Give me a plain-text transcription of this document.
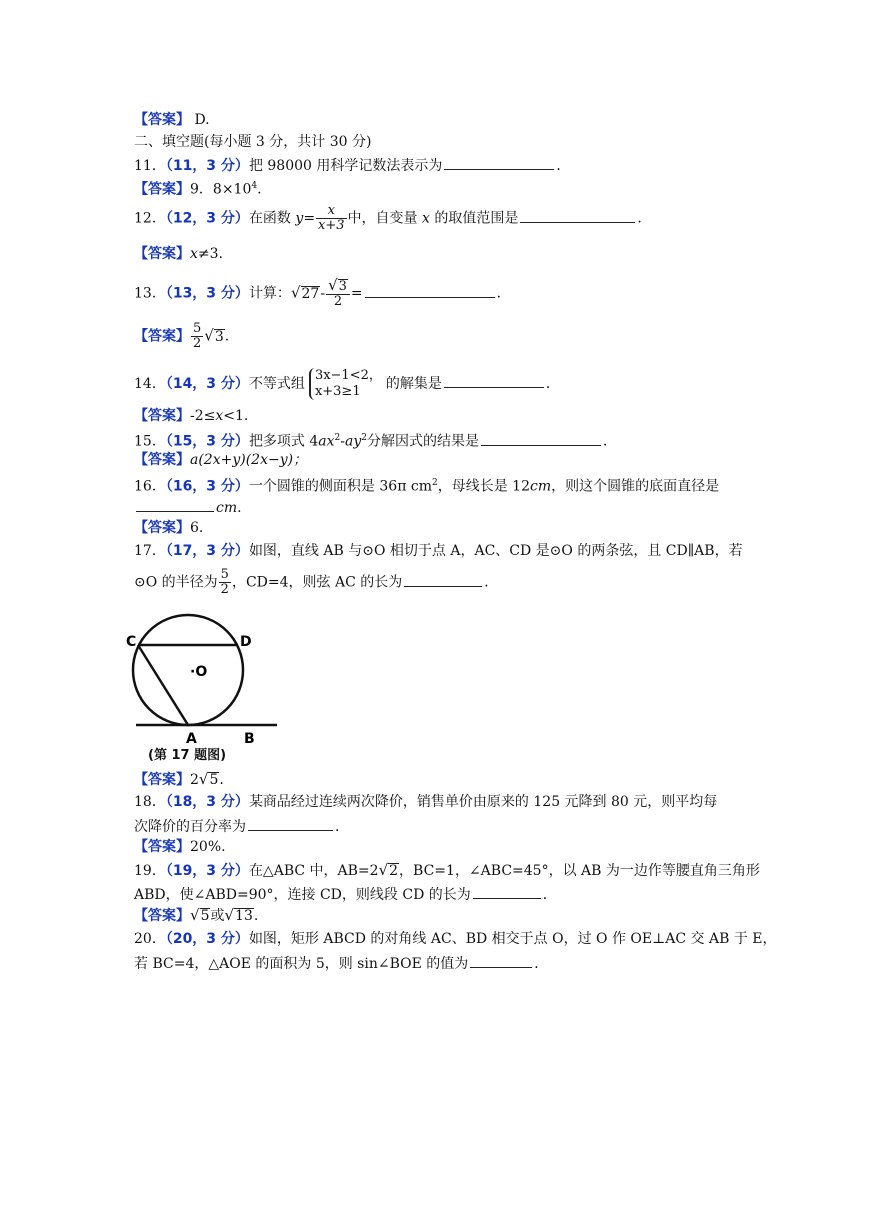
【答案】 D.
二、填空题(每小题 3 分，共计 30 分)
11．（11，3 分）把 98000 用科学记数法表示为	．
【答案】9．$8\times 10^4$.
12．（12，3 分）在函数 $y= \frac{x}{x+3}$ 中，自变量 x 的取值范围是	．
【答案】x≠3.
13．（13，3 分）计算：$√27- \frac{√3}{2}$ =	．
【答案】 $\frac{5}{2} √3$.
14．（14，3 分）不等式组
3x−1<2，
x+3≥1	的解集是	．
【答案】-2≤x<1.
15．（15，3 分）把多项式 $4ax^2-ay^2$分解因式的结果是	．
【答案】a(2x+y)(2x−y)；
16．（16，3 分）一个圆锥的侧面积是 36π $cm^2$，母线长是 12cm，则这个圆锥的底面直径是
cm.
【答案】6.
17．（17，3 分）如图，直线 AB 与⊙O 相切于点 A，AC、CD 是⊙O 的两条弦，且 CD∥AB，若
⊙O 的半径为 $\frac{5}{2}$ ，CD=4，则弦 AC 的长为	．
C	D
·O
A	B
(第 17 题图)
【答案】2√5.
18．（18，3 分）某商品经过连续两次降价，销售单价由原来的 125 元降到 80 元，则平均每
次降价的百分率为	．
【答案】20%.
19．（19，3 分）在△ABC 中，AB=2√2，BC=1，∠ABC=45°，以 AB 为一边作等腰直角三角形
ABD，使∠ABD=90°，连接 CD，则线段 CD 的长为	．
【答案】√5或√13.
20．（20，3 分）如图，矩形 ABCD 的对角线 AC、BD 相交于点 O，过 O 作 OE⊥AC 交 AB 于 E，
若 BC=4，△AOE 的面积为 5，则 sin∠BOE 的值为	．
